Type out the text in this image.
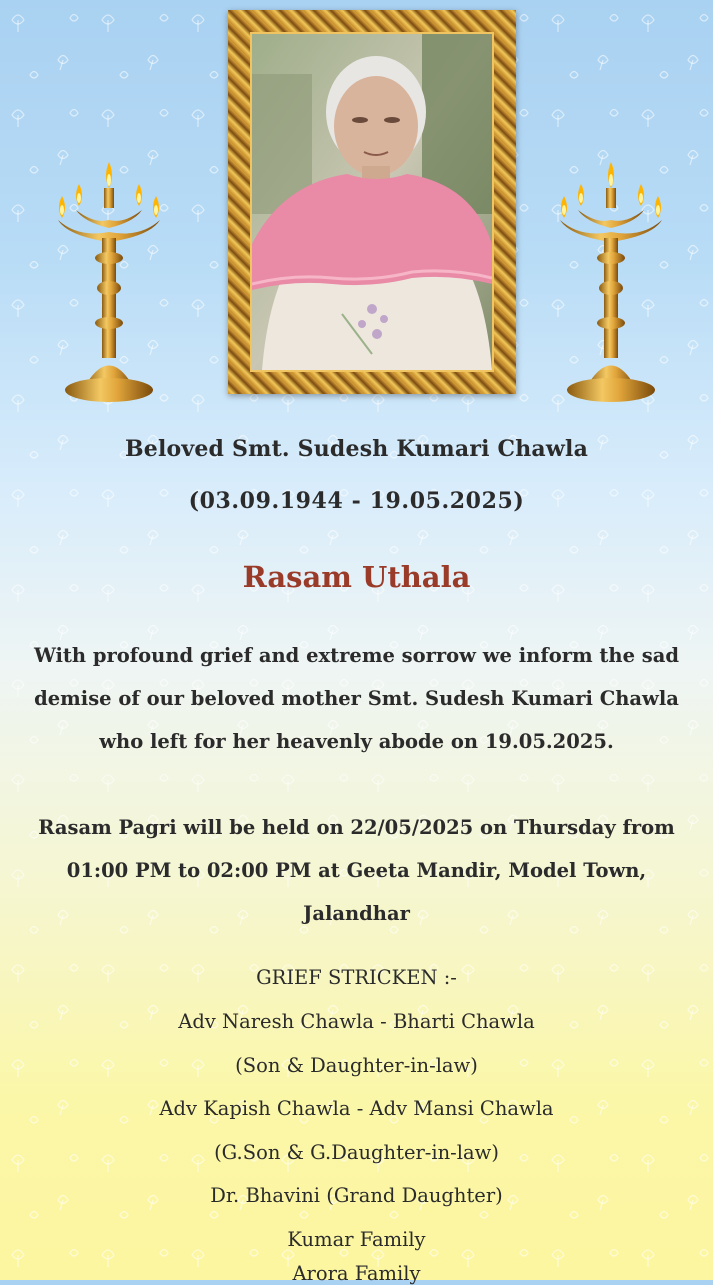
Beloved Smt. Sudesh Kumari Chawla
(03.09.1944 - 19.05.2025)
Rasam Uthala
With profound grief and extreme sorrow we inform the sad
demise of our beloved mother Smt. Sudesh Kumari Chawla
who left for her heavenly abode on 19.05.2025.
Rasam Pagri will be held on 22/05/2025 on Thursday from
01:00 PM to 02:00 PM at Geeta Mandir, Model Town,
Jalandhar
GRIEF STRICKEN :-
Adv Naresh Chawla - Bharti Chawla
(Son & Daughter-in-law)
Adv Kapish Chawla - Adv Mansi Chawla
(G.Son & G.Daughter-in-law)
Dr. Bhavini (Grand Daughter)
Kumar Family
Arora Family
